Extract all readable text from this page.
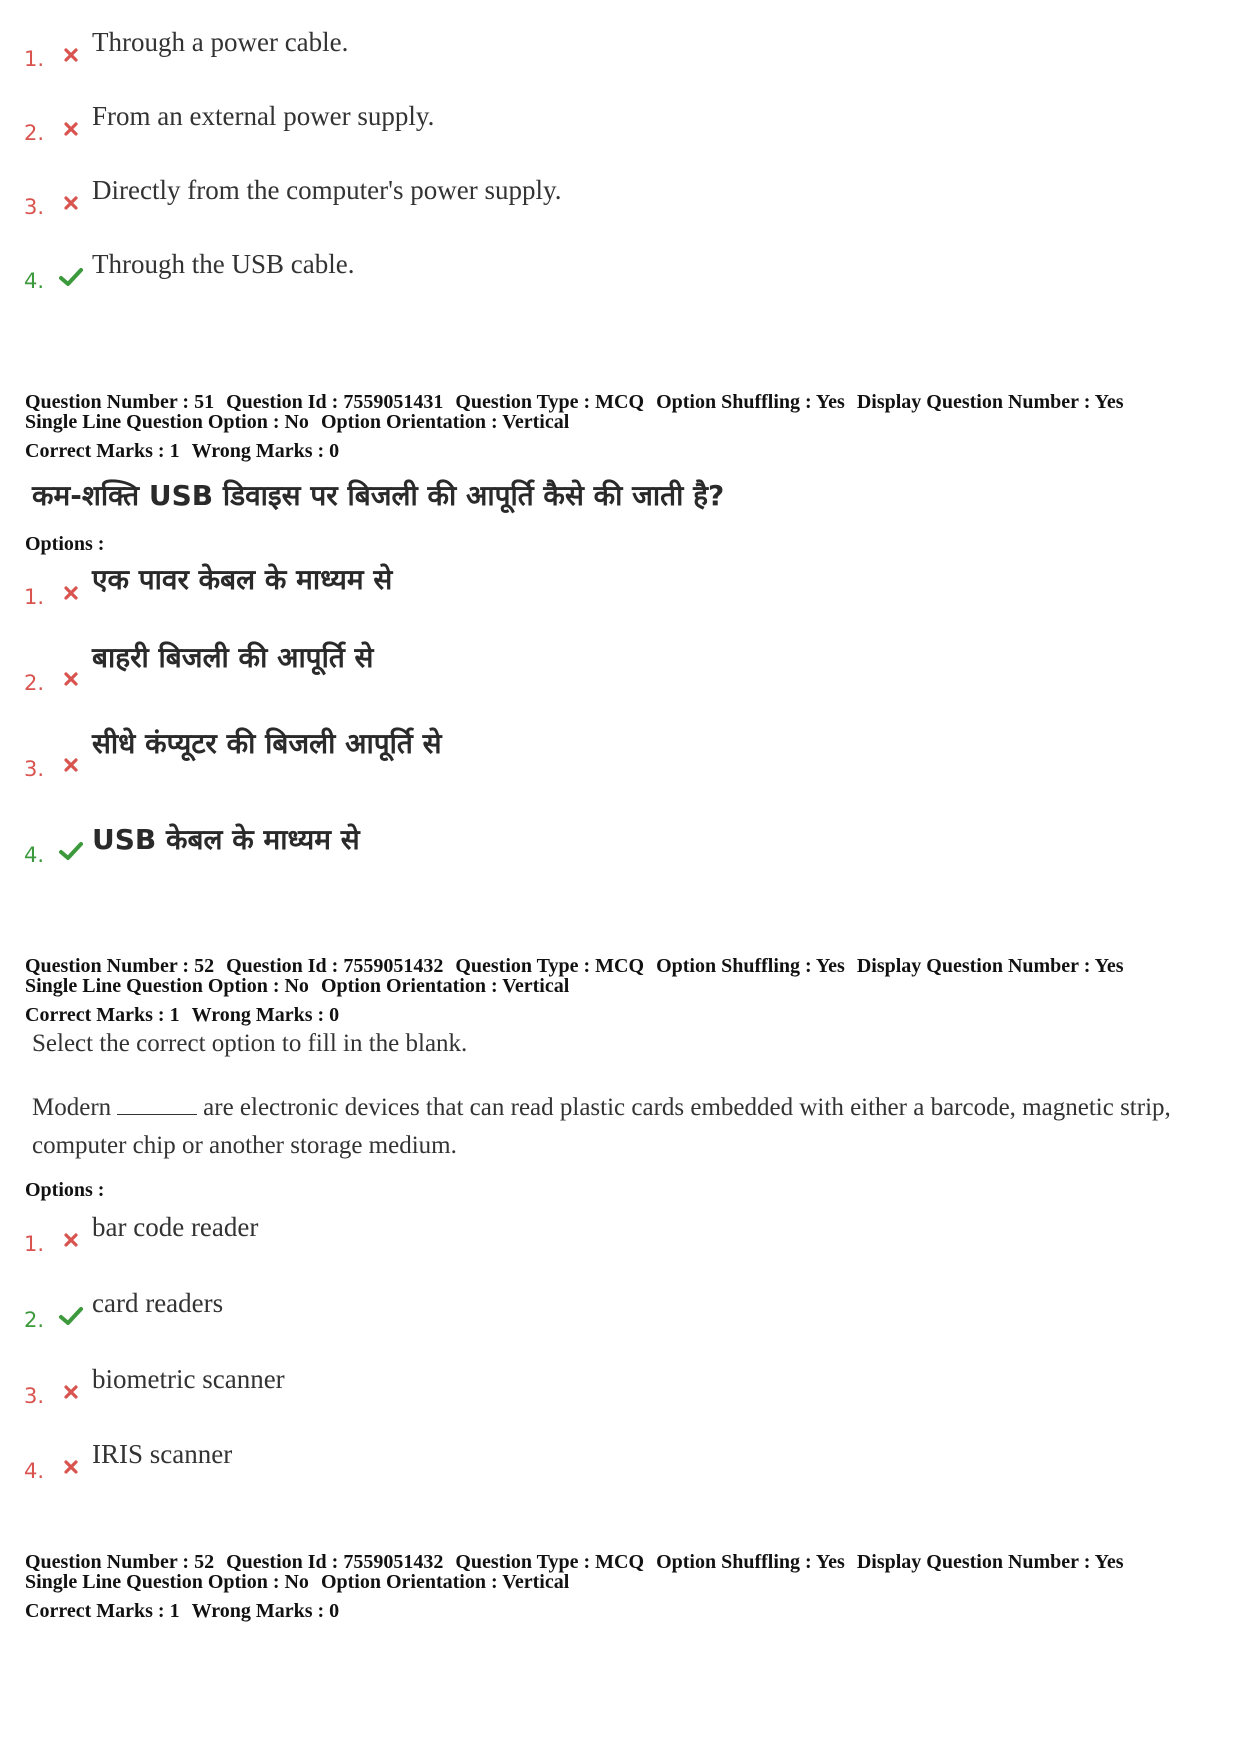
1.
Through a power cable.
2.
From an external power supply.
3.
Directly from the computer's power supply.
4.
Through the USB cable.
Question Number : 51 Question Id : 7559051431 Question Type : MCQ Option Shuffling : Yes Display Question Number : Yes
Single Line Question Option : No Option Orientation : Vertical
Correct Marks : 1 Wrong Marks : 0
कम-शक्ति USB डिवाइस पर बिजली की आपूर्ति कैसे की जाती है?
Options :
1.
एक पावर केबल के माध्यम से
2.
बाहरी बिजली की आपूर्ति से
3.
सीधे कंप्यूटर की बिजली आपूर्ति से
4.	USB केबल के माध्यम से
Question Number : 52 Question Id : 7559051432 Question Type : MCQ Option Shuffling : Yes Display Question Number : Yes
Single Line Question Option : No Option Orientation : Vertical
Correct Marks : 1 Wrong Marks : 0
Select the correct option to fill in the blank.
Modern	are electronic devices that can read plastic cards embedded with either a barcode, magnetic strip,
computer chip or another storage medium.
Options :
1.
bar code reader
2.
card readers
3.
biometric scanner
4.
IRIS scanner
Question Number : 52 Question Id : 7559051432 Question Type : MCQ Option Shuffling : Yes Display Question Number : Yes
Single Line Question Option : No Option Orientation : Vertical
Correct Marks : 1 Wrong Marks : 0
